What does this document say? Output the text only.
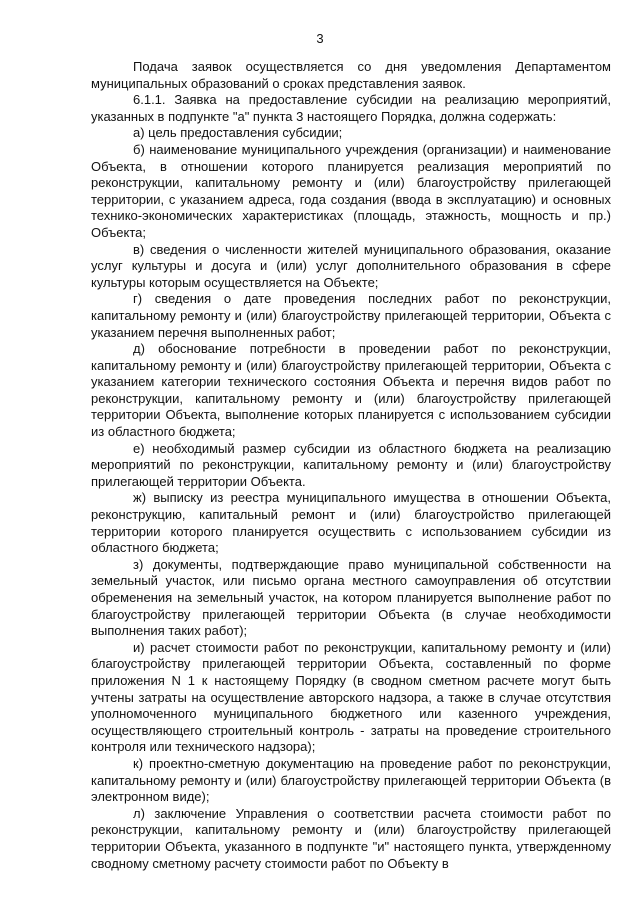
3

Подача заявок осуществляется со дня уведомления Департаментом муниципальных образований о сроках представления заявок.

6.1.1. Заявка на предоставление субсидии на реализацию мероприятий, указанных в подпункте "а" пункта 3 настоящего Порядка, должна содержать:

а) цель предоставления субсидии;

б) наименование муниципального учреждения (организации) и наименование Объекта, в отношении которого планируется реализация мероприятий по реконструкции, капитальному ремонту и (или) благоустройству прилегающей территории, с указанием адреса, года создания (ввода в эксплуатацию) и основных технико-экономических характеристиках (площадь, этажность, мощность и пр.) Объекта;

в) сведения о численности жителей муниципального образования, оказание услуг культуры и досуга и (или) услуг дополнительного образования в сфере культуры которым осуществляется на Объекте;

г) сведения о дате проведения последних работ по реконструкции, капитальному ремонту и (или) благоустройству прилегающей территории, Объекта с указанием перечня выполненных работ;

д) обоснование потребности в проведении работ по реконструкции, капитальному ремонту и (или) благоустройству прилегающей территории, Объекта с указанием категории технического состояния Объекта и перечня видов работ по реконструкции, капитальному ремонту и (или) благоустройству прилегающей территории Объекта, выполнение которых планируется с использованием субсидии из областного бюджета;

е) необходимый размер субсидии из областного бюджета на реализацию мероприятий по реконструкции, капитальному ремонту и (или) благоустройству прилегающей территории Объекта.

ж) выписку из реестра муниципального имущества в отношении Объекта, реконструкцию, капитальный ремонт и (или) благоустройство прилегающей территории которого планируется осуществить с использованием субсидии из областного бюджета;

з) документы, подтверждающие право муниципальной собственности на земельный участок, или письмо органа местного самоуправления об отсутствии обременения на земельный участок, на котором планируется выполнение работ по благоустройству прилегающей территории Объекта (в случае необходимости выполнения таких работ);

и) расчет стоимости работ по реконструкции, капитальному ремонту и (или) благоустройству прилегающей территории Объекта, составленный по форме приложения N 1 к настоящему Порядку (в сводном сметном расчете могут быть учтены затраты на осуществление авторского надзора, а также в случае отсутствия уполномоченного муниципального бюджетного или казенного учреждения, осуществляющего строительный контроль - затраты на проведение строительного контроля или технического надзора);

к) проектно-сметную документацию на проведение работ по реконструкции, капитальному ремонту и (или) благоустройству прилегающей территории Объекта (в электронном виде);

л) заключение Управления о соответствии расчета стоимости работ по реконструкции, капитальному ремонту и (или) благоустройству прилегающей территории Объекта, указанного в подпункте "и" настоящего пункта, утвержденному сводному сметному расчету стоимости работ по Объекту в
